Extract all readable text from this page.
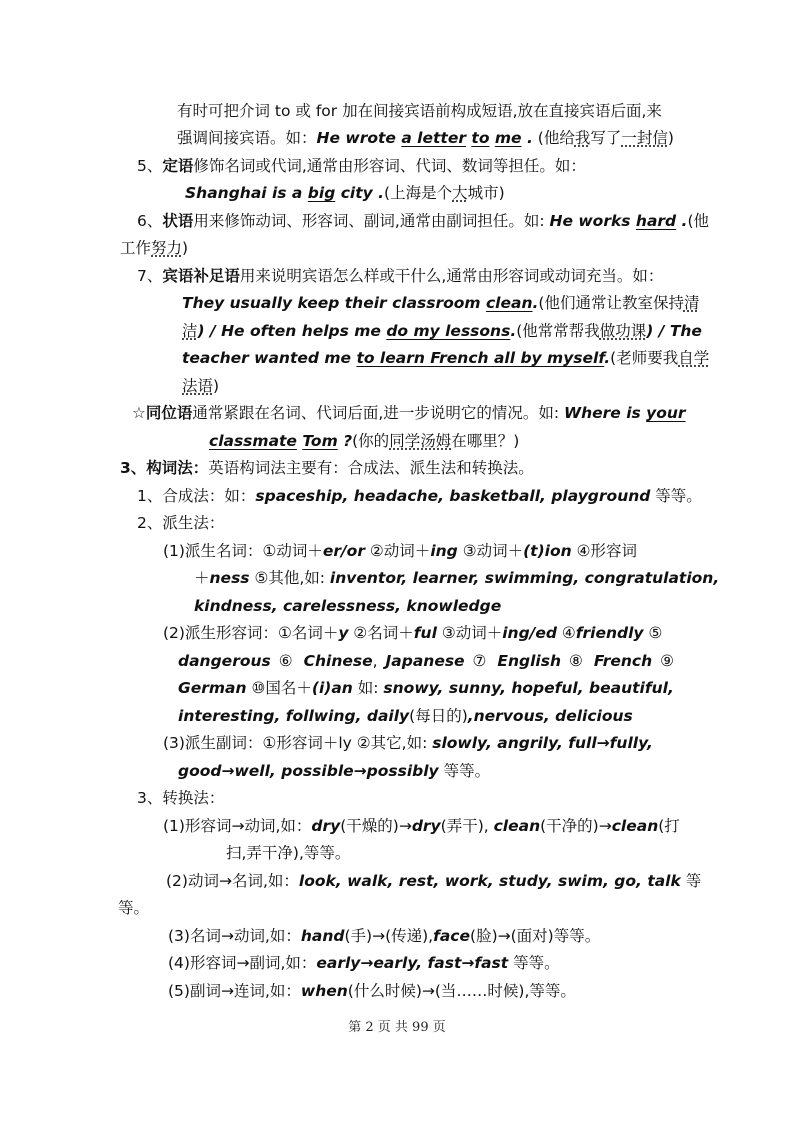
有时可把介词 to 或 for 加在间接宾语前构成短语,放在直接宾语后面,来
强调间接宾语。如：He wrote a letter to me . (他给我写了一封信)
5、定语修饰名词或代词,通常由形容词、代词、数词等担任。如：
Shanghai is a big city .(上海是个大城市)
6、状语用来修饰动词、形容词、副词,通常由副词担任。如: He works hard .(他
工作努力)
7、宾语补足语用来说明宾语怎么样或干什么,通常由形容词或动词充当。如：
They usually keep their classroom clean.(他们通常让教室保持清
洁) / He often helps me do my lessons.(他常常帮我做功课) / The
teacher wanted me to learn French all by myself.(老师要我自学
法语)
☆同位语通常紧跟在名词、代词后面,进一步说明它的情况。如: Where is your
classmate Tom ?(你的同学汤姆在哪里？)
3、构词法：英语构词法主要有：合成法、派生法和转换法。
1、合成法：如：spaceship, headache, basketball, playground 等等。
2、派生法：
(1)派生名词：①动词＋er/or ②动词＋ing ③动词＋(t)ion ④形容词
＋ness ⑤其他,如: inventor, learner, swimming, congratulation,
kindness, carelessness, knowledge
(2)派生形容词：①名词＋y ②名词＋ful ③动词＋ing/ed ④friendly ⑤
dangerous ⑥ Chinese, Japanese ⑦ English ⑧ French ⑨
German ⑩国名＋(i)an 如: snowy, sunny, hopeful, beautiful,
interesting, follwing, daily(每日的),nervous, delicious
(3)派生副词：①形容词＋ly ②其它,如: slowly, angrily, full→fully,
good→well, possible→possibly 等等。
3、转换法：
(1)形容词→动词,如：dry(干燥的)→dry(弄干), clean(干净的)→clean(打
扫,弄干净),等等。
(2)动词→名词,如：look, walk, rest, work, study, swim, go, talk 等
等。
(3)名词→动词,如：hand(手)→(传递),face(脸)→(面对)等等。
(4)形容词→副词,如：early→early, fast→fast 等等。
(5)副词→连词,如：when(什么时候)→(当……时候),等等。
第 2 页 共 99 页
